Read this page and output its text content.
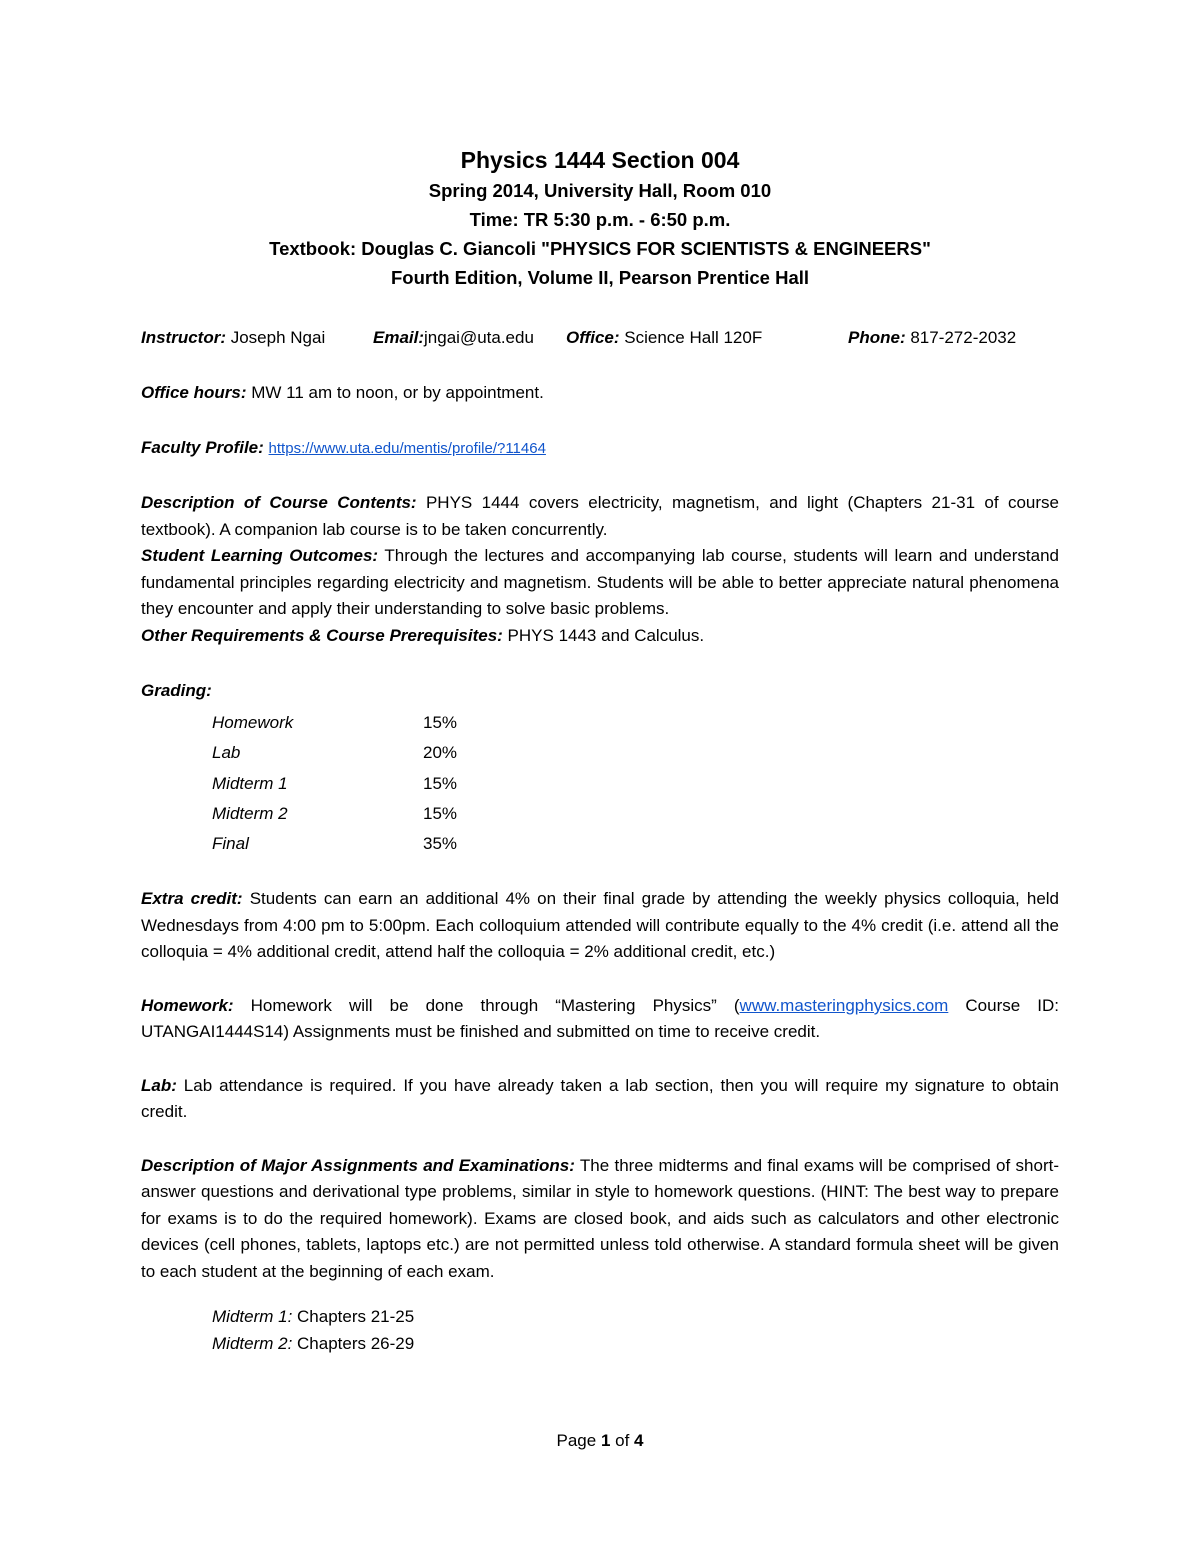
Physics 1444 Section 004
Spring 2014, University Hall, Room 010
Time: TR 5:30 p.m. - 6:50 p.m.
Textbook: Douglas C. Giancoli "PHYSICS FOR SCIENTISTS & ENGINEERS"
Fourth Edition, Volume II, Pearson Prentice Hall
Instructor: Joseph Ngai	Email:jngai@uta.edu	Office: Science Hall 120F	Phone: 817-272-2032
Office hours: MW 11 am to noon, or by appointment.
Faculty Profile: https://www.uta.edu/mentis/profile/?11464
Description of Course Contents: PHYS 1444 covers electricity, magnetism, and light (Chapters 21-31 of course textbook). A companion lab course is to be taken concurrently.
Student Learning Outcomes: Through the lectures and accompanying lab course, students will learn and understand fundamental principles regarding electricity and magnetism. Students will be able to better appreciate natural phenomena they encounter and apply their understanding to solve basic problems.
Other Requirements & Course Prerequisites: PHYS 1443 and Calculus.
Grading:
Homework	15%
Lab	20%
Midterm 1	15%
Midterm 2	15%
Final	35%
Extra credit: Students can earn an additional 4% on their final grade by attending the weekly physics colloquia, held Wednesdays from 4:00 pm to 5:00pm. Each colloquium attended will contribute equally to the 4% credit (i.e. attend all the colloquia = 4% additional credit, attend half the colloquia = 2% additional credit, etc.)
Homework: Homework will be done through “Mastering Physics” (www.masteringphysics.com Course ID: UTANGAI1444S14) Assignments must be finished and submitted on time to receive credit.
Lab: Lab attendance is required. If you have already taken a lab section, then you will require my signature to obtain credit.
Description of Major Assignments and Examinations: The three midterms and final exams will be comprised of short-answer questions and derivational type problems, similar in style to homework questions. (HINT: The best way to prepare for exams is to do the required homework). Exams are closed book, and aids such as calculators and other electronic devices (cell phones, tablets, laptops etc.) are not permitted unless told otherwise. A standard formula sheet will be given to each student at the beginning of each exam.
Midterm 1: Chapters 21-25
Midterm 2: Chapters 26-29
Page 1 of 4
